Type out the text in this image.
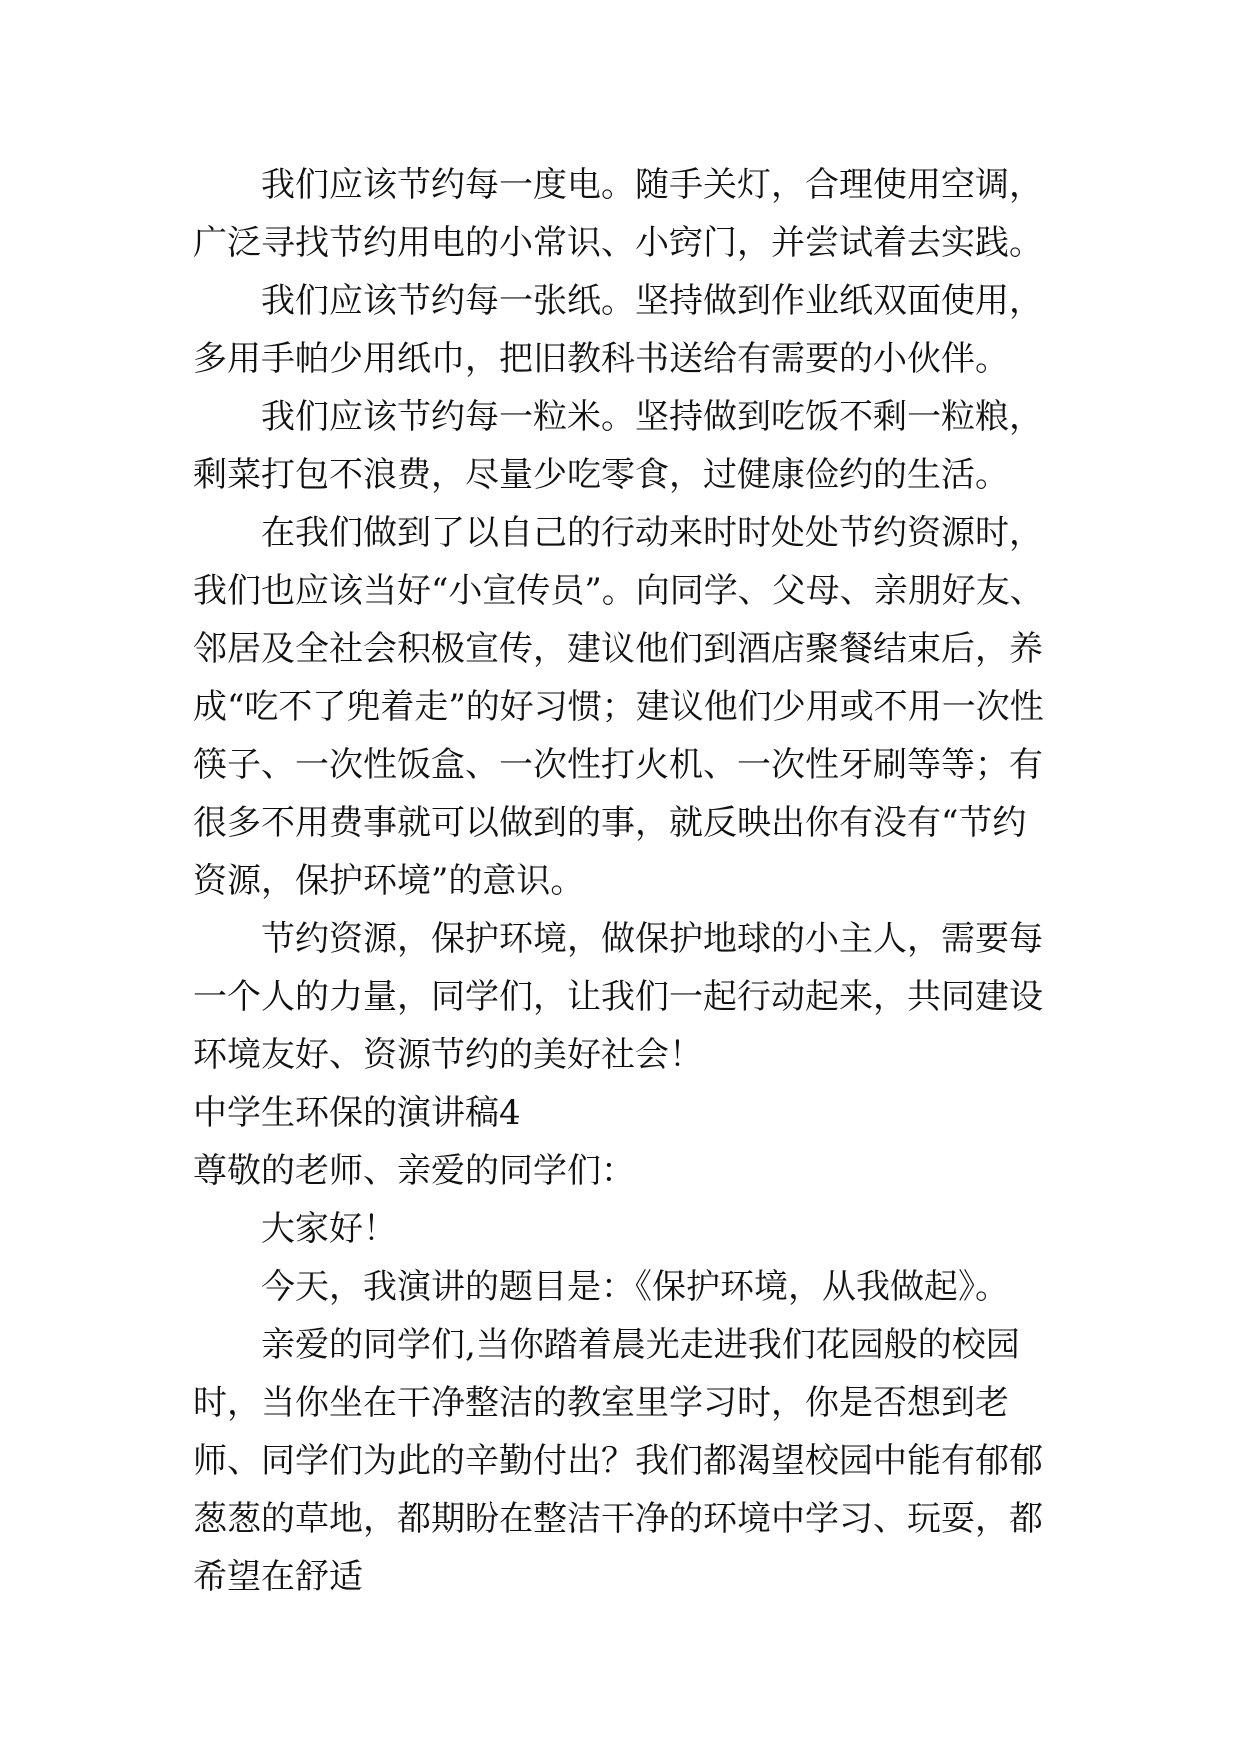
我们应该节约每一度电。随手关灯，合理使用空调，广泛寻找节约用电的小常识、小窍门，并尝试着去实践。

我们应该节约每一张纸。坚持做到作业纸双面使用，多用手帕少用纸巾，把旧教科书送给有需要的小伙伴。

我们应该节约每一粒米。坚持做到吃饭不剩一粒粮，剩菜打包不浪费，尽量少吃零食，过健康俭约的生活。

在我们做到了以自己的行动来时时处处节约资源时，我们也应该当好“小宣传员”。向同学、父母、亲朋好友、邻居及全社会积极宣传，建议他们到酒店聚餐结束后，养成“吃不了兜着走”的好习惯；建议他们少用或不用一次性筷子、一次性饭盒、一次性打火机、一次性牙刷等等；有很多不用费事就可以做到的事，就反映出你有没有“节约资源，保护环境”的意识。

节约资源，保护环境，做保护地球的小主人，需要每一个人的力量，同学们，让我们一起行动起来，共同建设环境友好、资源节约的美好社会！

中学生环保的演讲稿4

尊敬的老师、亲爱的同学们：

大家好！

今天，我演讲的题目是：《保护环境，从我做起》。

亲爱的同学们,当你踏着晨光走进我们花园般的校园时，当你坐在干净整洁的教室里学习时，你是否想到老师、同学们为此的辛勤付出？我们都渴望校园中能有郁郁葱葱的草地，都期盼在整洁干净的环境中学习、玩耍，都希望在舒适
